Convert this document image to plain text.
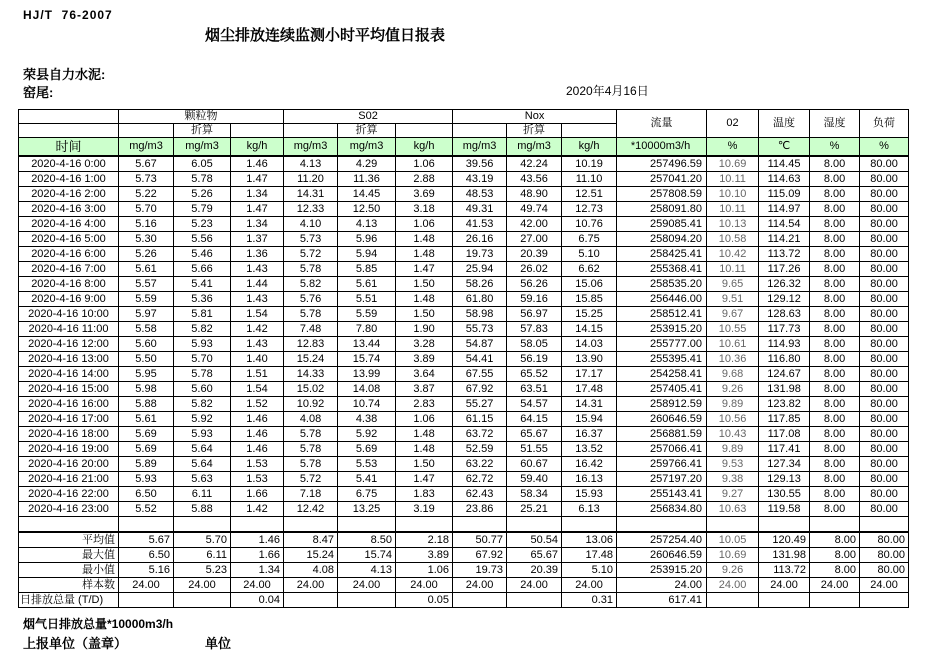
HJ/T  76-2007
烟尘排放连续监测小时平均值日报表
荣县自力水泥:
窑尾:	2020年4月16日
	颗粒物			S02			Nox			流量	02	温度	湿度	负荷
		折算			折算			折算						
时间	mg/m3	mg/m3	kg/h	mg/m3	mg/m3	kg/h	mg/m3	mg/m3	kg/h	*10000m3/h	%	℃	%	%
2020-4-16 0:00	5.67	6.05	1.46	4.13	4.29	1.06	39.56	42.24	10.19	257496.59	10.69	114.45	8.00	80.00
2020-4-16 1:00	5.73	5.78	1.47	11.20	11.36	2.88	43.19	43.56	11.10	257041.20	10.11	114.63	8.00	80.00
2020-4-16 2:00	5.22	5.26	1.34	14.31	14.45	3.69	48.53	48.90	12.51	257808.59	10.10	115.09	8.00	80.00
2020-4-16 3:00	5.70	5.79	1.47	12.33	12.50	3.18	49.31	49.74	12.73	258091.80	10.11	114.97	8.00	80.00
2020-4-16 4:00	5.16	5.23	1.34	4.10	4.13	1.06	41.53	42.00	10.76	259085.41	10.13	114.54	8.00	80.00
2020-4-16 5:00	5.30	5.56	1.37	5.73	5.96	1.48	26.16	27.00	6.75	258094.20	10.58	114.21	8.00	80.00
2020-4-16 6:00	5.26	5.46	1.36	5.72	5.94	1.48	19.73	20.39	5.10	258425.41	10.42	113.72	8.00	80.00
2020-4-16 7:00	5.61	5.66	1.43	5.78	5.85	1.47	25.94	26.02	6.62	255368.41	10.11	117.26	8.00	80.00
2020-4-16 8:00	5.57	5.41	1.44	5.82	5.61	1.50	58.26	56.26	15.06	258535.20	9.65	126.32	8.00	80.00
2020-4-16 9:00	5.59	5.36	1.43	5.76	5.51	1.48	61.80	59.16	15.85	256446.00	9.51	129.12	8.00	80.00
2020-4-16 10:00	5.97	5.81	1.54	5.78	5.59	1.50	58.98	56.97	15.25	258512.41	9.67	128.63	8.00	80.00
2020-4-16 11:00	5.58	5.82	1.42	7.48	7.80	1.90	55.73	57.83	14.15	253915.20	10.55	117.73	8.00	80.00
2020-4-16 12:00	5.60	5.93	1.43	12.83	13.44	3.28	54.87	58.05	14.03	255777.00	10.61	114.93	8.00	80.00
2020-4-16 13:00	5.50	5.70	1.40	15.24	15.74	3.89	54.41	56.19	13.90	255395.41	10.36	116.80	8.00	80.00
2020-4-16 14:00	5.95	5.78	1.51	14.33	13.99	3.64	67.55	65.52	17.17	254258.41	9.68	124.67	8.00	80.00
2020-4-16 15:00	5.98	5.60	1.54	15.02	14.08	3.87	67.92	63.51	17.48	257405.41	9.26	131.98	8.00	80.00
2020-4-16 16:00	5.88	5.82	1.52	10.92	10.74	2.83	55.27	54.57	14.31	258912.59	9.89	123.82	8.00	80.00
2020-4-16 17:00	5.61	5.92	1.46	4.08	4.38	1.06	61.15	64.15	15.94	260646.59	10.56	117.85	8.00	80.00
2020-4-16 18:00	5.69	5.93	1.46	5.78	5.92	1.48	63.72	65.67	16.37	256881.59	10.43	117.08	8.00	80.00
2020-4-16 19:00	5.69	5.64	1.46	5.78	5.69	1.48	52.59	51.55	13.52	257066.41	9.89	117.41	8.00	80.00
2020-4-16 20:00	5.89	5.64	1.53	5.78	5.53	1.50	63.22	60.67	16.42	259766.41	9.53	127.34	8.00	80.00
2020-4-16 21:00	5.93	5.63	1.53	5.72	5.41	1.47	62.72	59.40	16.13	257197.20	9.38	129.13	8.00	80.00
2020-4-16 22:00	6.50	6.11	1.66	7.18	6.75	1.83	62.43	58.34	15.93	255143.41	9.27	130.55	8.00	80.00
2020-4-16 23:00	5.52	5.88	1.42	12.42	13.25	3.19	23.86	25.21	6.13	256834.80	10.63	119.58	8.00	80.00

平均值	5.67	5.70	1.46	8.47	8.50	2.18	50.77	50.54	13.06	257254.40	10.05	120.49	8.00	80.00
最大值	6.50	6.11	1.66	15.24	15.74	3.89	67.92	65.67	17.48	260646.59	10.69	131.98	8.00	80.00
最小值	5.16	5.23	1.34	4.08	4.13	1.06	19.73	20.39	5.10	253915.20	9.26	113.72	8.00	80.00
样本数	24.00	24.00	24.00	24.00	24.00	24.00	24.00	24.00	24.00	24.00	24.00	24.00	24.00	24.00
日排放总量 (T/D)			0.04			0.05			0.31	617.41				
烟气日排放总量*10000m3/h
上报单位（盖章）	单位
